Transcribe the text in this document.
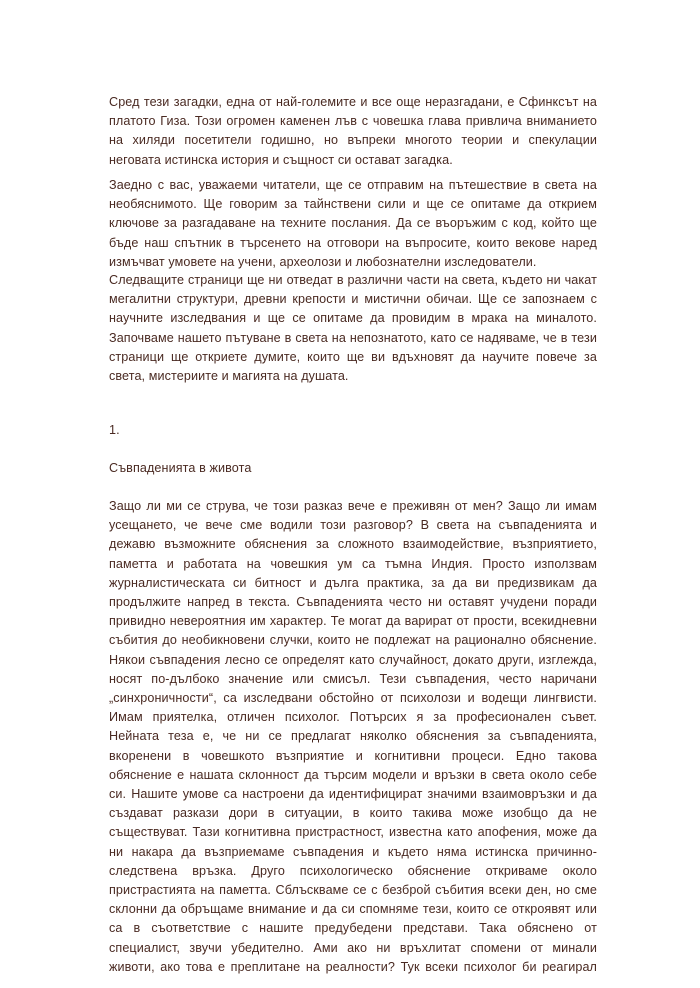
Сред тези загадки, една от най-големите и все още неразгадани, е Сфинксът на
платото Гиза. Този огромен каменен лъв с човешка глава привлича вниманието
на хиляди посетители годишно, но въпреки многото теории и спекулации
неговата истинска история и същност си остават загадка.
Заедно с вас, уважаеми читатели, ще се отправим на пътешествие в света на
необяснимото. Ще говорим за тайнствени сили и ще се опитаме да открием
ключове за разгадаване на техните послания. Да се въоръжим с код, който ще
бъде наш спътник в търсенето на отговори на въпросите, които векове наред
измъчват умовете на учени, археолози и любознателни изследователи.
Следващите страници ще ни отведат в различни части на света, където ни чакат
мегалитни структури, древни крепости и мистични обичаи. Ще се запознаем с
научните изследвания и ще се опитаме да провидим в мрака на миналото.
Започваме нашето пътуване в света на непознатото, като се надяваме, че в тези
страници ще откриете думите, които ще ви вдъхновят да научите повече за
света, мистериите и магията на душата.
1.
Съвпаденията в живота
Защо ли ми се струва, че този разказ вече е преживян от мен? Защо ли имам
усещането, че вече сме водили този разговор? В света на съвпаденията и
дежавю възможните обяснения за сложното взаимодействие, възприятието,
паметта и работата на човешкия ум са тъмна Индия. Просто използвам
журналистическата си битност и дълга практика, за да ви предизвикам да
продължите напред в текста. Съвпаденията често ни оставят учудени поради
привидно невероятния им характер. Те могат да варират от прости, всекидневни
събития до необикновени случки, които не подлежат на рационално обяснение.
Някои съвпадения лесно се определят като случайност, докато други, изглежда,
носят по-дълбоко значение или смисъл. Тези съвпадения, често наричани
„синхроничности“, са изследвани обстойно от психолози и водещи лингвисти.
Имам приятелка, отличен психолог. Потърсих я за професионален съвет.
Нейната теза е, че ни се предлагат няколко обяснения за съвпаденията,
вкоренени в човешкото възприятие и когнитивни процеси. Едно такова
обяснение е нашата склонност да търсим модели и връзки в света около себе
си. Нашите умове са настроени да идентифицират значими взаимовръзки и да
създават разкази дори в ситуации, в които такива може изобщо да не
съществуват. Тази когнитивна пристрастност, известна като апофения, може да
ни накара да възприемаме съвпадения и където няма истинска причинно-
следствена връзка. Друго психологическо обяснение откриваме около
пристрастията на паметта. Сблъскваме се с безброй събития всеки ден, но сме
склонни да обръщаме внимание и да си спомняме тези, които се откроявят или
са в съответствие с нашите предубедени представи. Така обяснено от
специалист, звучи убедително. Ами ако ни връхлитат спомени от минали
животи, ако това е преплитане на реалности? Тук всеки психолог би реагирал
